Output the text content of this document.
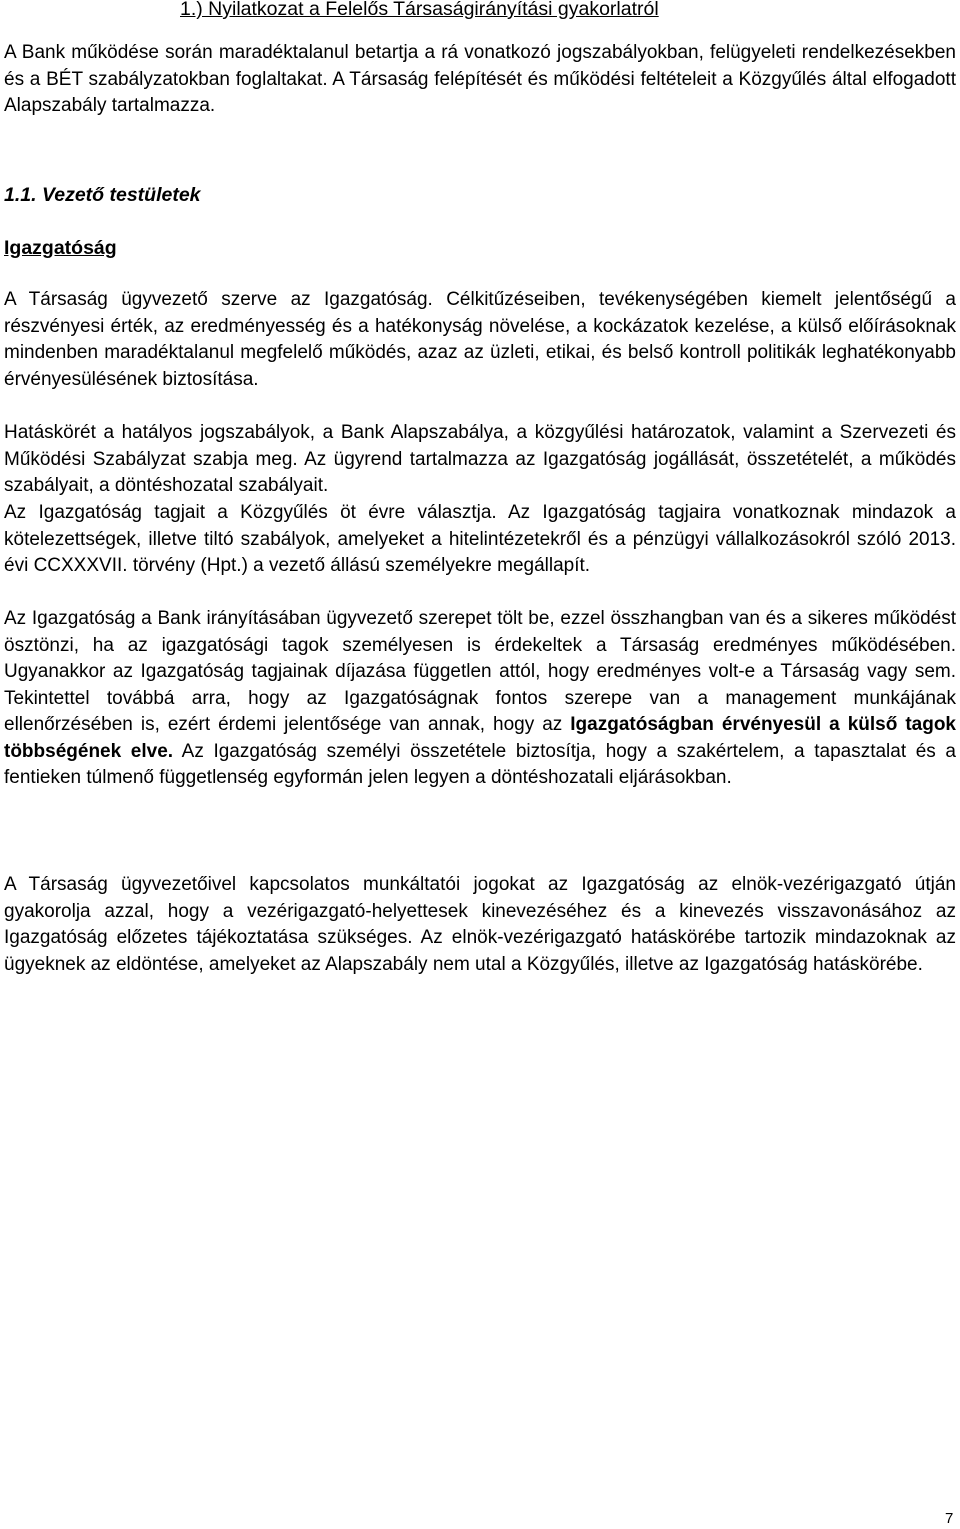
1.) Nyilatkozat a Felelős Társaságirányítási gyakorlatról

A Bank működése során maradéktalanul betartja a rá vonatkozó jogszabályokban, felügyeleti rendelkezésekben és a BÉT szabályzatokban foglaltakat. A Társaság felépítését és működési feltételeit a Közgyűlés által elfogadott Alapszabály tartalmazza.

1.1. Vezető testületek
Igazgatóság

A Társaság ügyvezető szerve az Igazgatóság. Célkitűzéseiben, tevékenységében kiemelt jelentőségű a részvényesi érték, az eredményesség és a hatékonyság növelése, a kockázatok kezelése, a külső előírásoknak mindenben maradéktalanul megfelelő működés, azaz az üzleti, etikai, és belső kontroll politikák leghatékonyabb érvényesülésének biztosítása.

Hatáskörét a hatályos jogszabályok, a Bank Alapszabálya, a közgyűlési határozatok, valamint a Szervezeti és Működési Szabályzat szabja meg. Az ügyrend tartalmazza az Igazgatóság jogállását, összetételét, a működés szabályait, a döntéshozatal szabályait.

Az Igazgatóság tagjait a Közgyűlés öt évre választja. Az Igazgatóság tagjaira vonatkoznak mindazok a kötelezettségek, illetve tiltó szabályok, amelyeket a hitelintézetekről és a pénzügyi vállalkozásokról szóló 2013. évi CCXXXVII. törvény (Hpt.) a vezető állású személyekre megállapít.

Az Igazgatóság a Bank irányításában ügyvezető szerepet tölt be, ezzel összhangban van és a sikeres működést ösztönzi, ha az igazgatósági tagok személyesen is érdekeltek a Társaság eredményes működésében. Ugyanakkor az Igazgatóság tagjainak díjazása független attól, hogy eredményes volt-e a Társaság vagy sem. Tekintettel továbbá arra, hogy az Igazgatóságnak fontos szerepe van a management munkájának ellenőrzésében is, ezért érdemi jelentősége van annak, hogy az Igazgatóságban érvényesül a külső tagok többségének elve. Az Igazgatóság személyi összetétele biztosítja, hogy a szakértelem, a tapasztalat és a fentieken túlmenő függetlenség egyformán jelen legyen a döntéshozatali eljárásokban.

A Társaság ügyvezetőivel kapcsolatos munkáltatói jogokat az Igazgatóság az elnök-vezérigazgató útján gyakorolja azzal, hogy a vezérigazgató-helyettesek kinevezéséhez és a kinevezés visszavonásához az Igazgatóság előzetes tájékoztatása szükséges. Az elnök-vezérigazgató hatáskörébe tartozik mindazoknak az ügyeknek az eldöntése, amelyeket az Alapszabály nem utal a Közgyűlés, illetve az Igazgatóság hatáskörébe.

7
